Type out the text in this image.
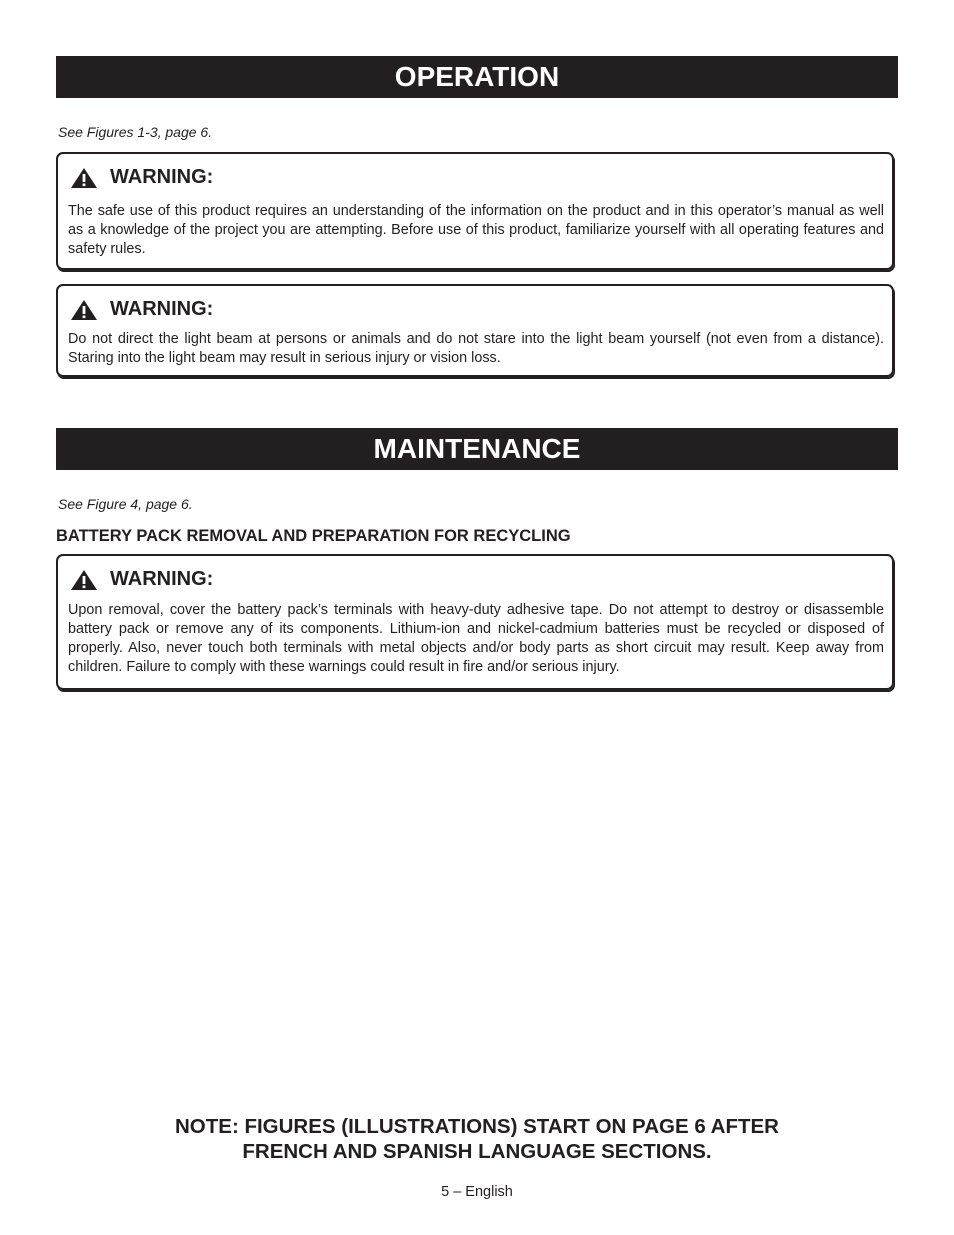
OPERATION
See Figures 1-3, page 6.
WARNING:
The safe use of this product requires an understanding of the information on the product and in this operator’s manual as well as a knowledge of the project you are attempting. Before use of this product, familiarize yourself with all operating features and safety rules.
WARNING:
Do not direct the light beam at persons or animals and do not stare into the light beam yourself (not even from a distance). Staring into the light beam may result in serious injury or vision loss.
MAINTENANCE
See Figure 4, page 6.
BATTERY PACK REMOVAL AND PREPARATION FOR RECYCLING
WARNING:
Upon removal, cover the battery pack’s terminals with heavy-duty adhesive tape. Do not attempt to destroy or disassemble battery pack or remove any of its components. Lithium-ion and nickel-cadmium batteries must be recycled or disposed of properly. Also, never touch both terminals with metal objects and/or body parts as short circuit may result. Keep away from children. Failure to comply with these warnings could result in fire and/or serious injury.
NOTE: FIGURES (ILLUSTRATIONS) START ON PAGE 6 AFTER
FRENCH AND SPANISH LANGUAGE SECTIONS.
5 – English
